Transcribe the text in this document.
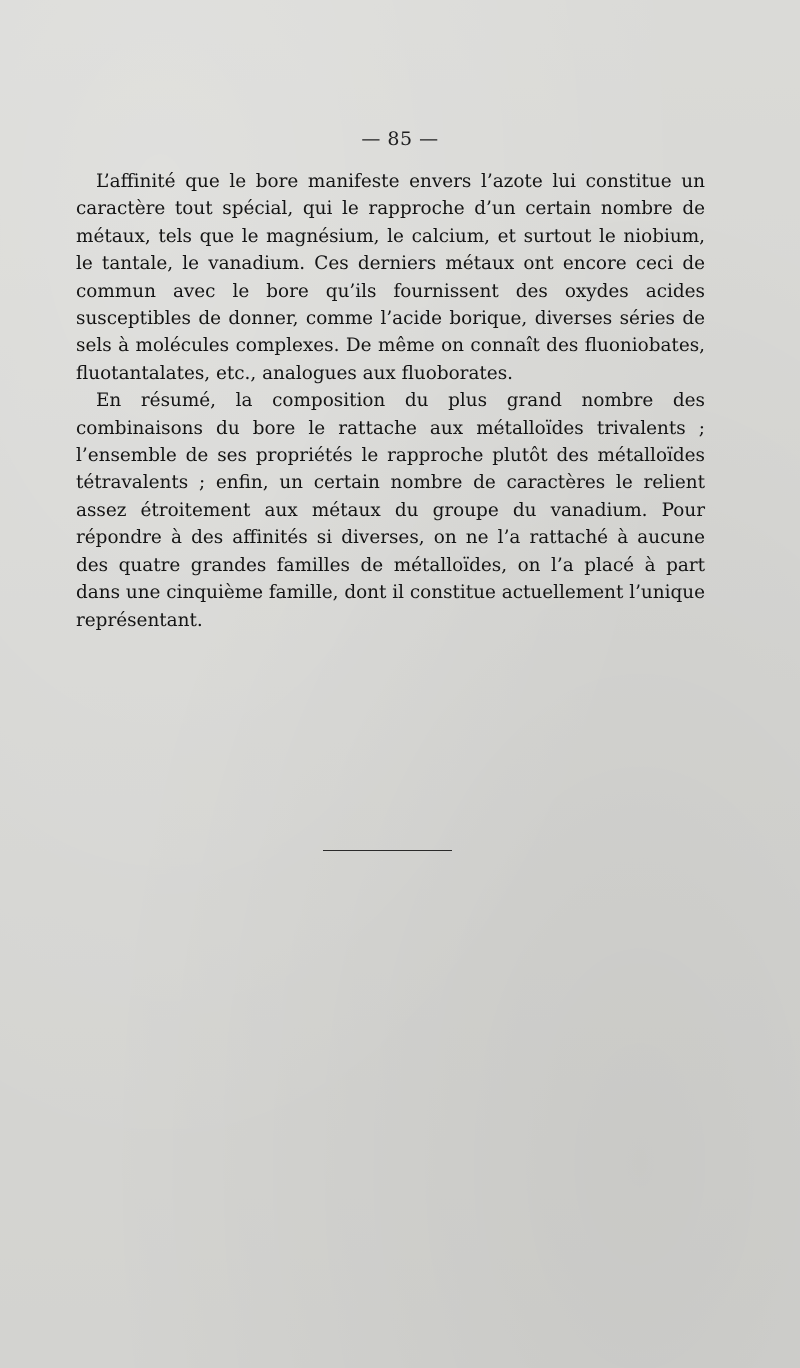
— 85 —

L’affinité que le bore manifeste envers l’azote lui constitue un caractère tout spécial, qui le rapproche d’un certain nombre de métaux, tels que le magnésium, le calcium, et surtout le niobium, le tantale, le vanadium. Ces derniers métaux ont encore ceci de commun avec le bore qu’ils fournissent des oxydes acides susceptibles de donner, comme l’acide borique, diverses séries de sels à molécules complexes. De même on connaît des fluoniobates, fluotantalates, etc., analogues aux fluoborates.

En résumé, la composition du plus grand nombre des combinaisons du bore le rattache aux métalloïdes trivalents ; l’ensemble de ses propriétés le rapproche plutôt des métalloïdes tétravalents ; enfin, un certain nombre de caractères le relient assez étroitement aux métaux du groupe du vanadium. Pour répondre à des affinités si diverses, on ne l’a rattaché à aucune des quatre grandes familles de métalloïdes, on l’a placé à part dans une cinquième famille, dont il constitue actuellement l’unique représentant.
